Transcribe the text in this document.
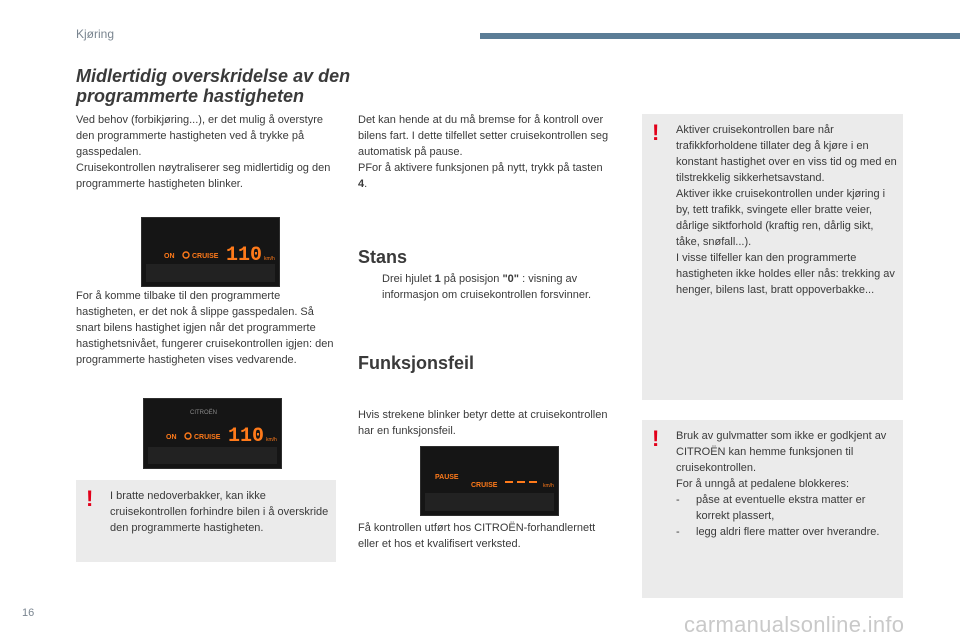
Kjøring
Midlertidig overskridelse av den programmerte hastigheten

Ved behov (forbikjøring...), er det mulig å overstyre den programmerte hastigheten ved å trykke på gasspedalen.

Cruisekontrollen nøytraliserer seg midlertidig og den programmerte hastigheten blinker.

ON	CRUISE 110 km/h

For å komme tilbake til den programmerte hastigheten, er det nok å slippe gasspedalen. Så snart bilens hastighet igjen når det programmerte hastighetsnivået, fungerer cruisekontrollen igjen: den programmerte hastigheten vises vedvarende.

CITROËN
ON	CRUISE 110 km/h
! I bratte nedoverbakker, kan ikke cruisekontrollen forhindre bilen i å overskride den programmerte hastigheten.

Det kan hende at du må bremse for å kontroll over bilens fart. I dette tilfellet setter cruisekontrollen seg automatisk på pause.

PFor å aktivere funksjonen på nytt, trykk på tasten 4.

Stans

Drei hjulet 1 på posisjon "0" : visning av informasjon om cruisekontrollen forsvinner.

Funksjonsfeil

Hvis strekene blinker betyr dette at cruisekontrollen har en funksjonsfeil.

PAUSE
CRUISE	km/h

Få kontrollen utført hos CITROËN-forhandlernett eller et hos et kvalifisert verksted.

! Aktiver cruisekontrollen bare når trafikkforholdene tillater deg å kjøre i en konstant hastighet over en viss tid og med en tilstrekkelig sikkerhetsavstand.

Aktiver ikke cruisekontrollen under kjøring i by, tett trafikk, svingete eller bratte veier, dårlige siktforhold (kraftig ren, dårlig sikt, tåke, snøfall...).

I visse tilfeller kan den programmerte hastigheten ikke holdes eller nås: trekking av henger, bilens last, bratt oppoverbakke...

! Bruk av gulvmatter som ikke er godkjent av CITROËN kan hemme funksjonen til cruisekontrollen.

For å unngå at pedalene blokkeres:

-	påse at eventuelle ekstra matter er korrekt plassert,
-	legg aldri flere matter over hverandre.
16	carmanualsonline.info
